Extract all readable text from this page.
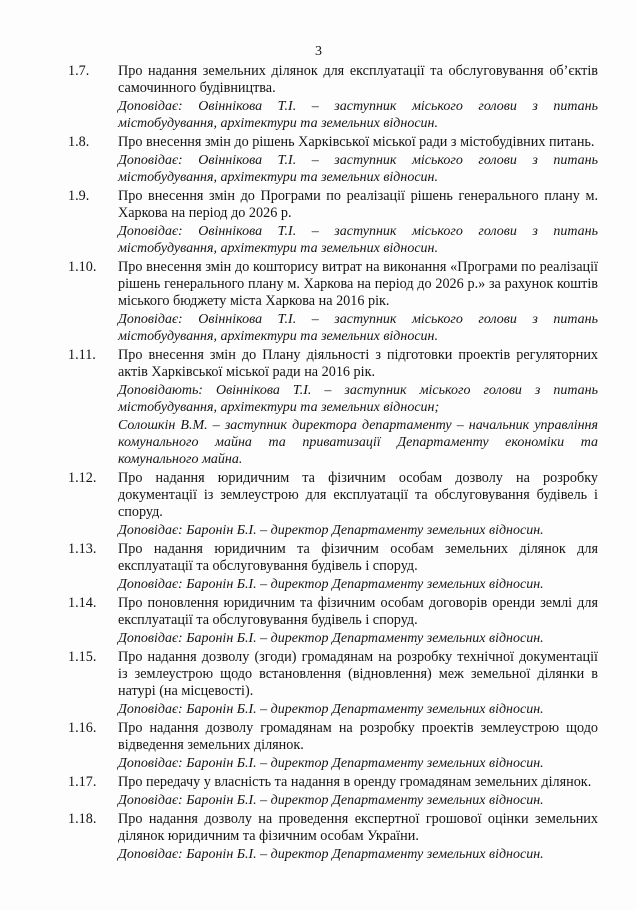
3
1.7.	Про надання земельних ділянок для експлуатації та обслуговування об’єктів самочинного будівництва.
Доповідає: Овіннікова Т.І. – заступник міського голови з питань містобудування, архітектури та земельних відносин.
1.8.	Про внесення змін до рішень Харківської міської ради з містобудівних питань.
Доповідає: Овіннікова Т.І. – заступник міського голови з питань містобудування, архітектури та земельних відносин.
1.9.	Про внесення змін до Програми по реалізації рішень генерального плану м. Харкова на період до 2026 р.
Доповідає: Овіннікова Т.І. – заступник міського голови з питань містобудування, архітектури та земельних відносин.
1.10.	Про внесення змін до кошторису витрат на виконання «Програми по реалізації рішень генерального плану м. Харкова на період до 2026 р.» за рахунок коштів міського бюджету міста Харкова на 2016 рік.
Доповідає: Овіннікова Т.І. – заступник міського голови з питань містобудування, архітектури та земельних відносин.
1.11.	Про внесення змін до Плану діяльності з підготовки проектів регуляторних актів Харківської міської ради на 2016 рік.
Доповідають: Овіннікова Т.І. – заступник міського голови з питань містобудування, архітектури та земельних відносин;
Солошкін В.М. – заступник директора департаменту – начальник управління комунального майна та приватизації Департаменту економіки та комунального майна.
1.12.	Про надання юридичним та фізичним особам дозволу на розробку документації із землеустрою для експлуатації та обслуговування будівель і споруд.
Доповідає: Баронін Б.І. – директор Департаменту земельних відносин.
1.13.	Про надання юридичним та фізичним особам земельних ділянок для експлуатації та обслуговування будівель і споруд.
Доповідає: Баронін Б.І. – директор Департаменту земельних відносин.
1.14.	Про поновлення юридичним та фізичним особам договорів оренди землі для експлуатації та обслуговування будівель і споруд.
Доповідає: Баронін Б.І. – директор Департаменту земельних відносин.
1.15.	Про надання дозволу (згоди) громадянам на розробку технічної документації із землеустрою щодо встановлення (відновлення) меж земельної ділянки в натурі (на місцевості).
Доповідає: Баронін Б.І. – директор Департаменту земельних відносин.
1.16.	Про надання дозволу громадянам на розробку проектів землеустрою щодо відведення земельних ділянок.
Доповідає: Баронін Б.І. – директор Департаменту земельних відносин.
1.17.	Про передачу у власність та надання в оренду громадянам земельних ділянок.
Доповідає: Баронін Б.І. – директор Департаменту земельних відносин.
1.18.	Про надання дозволу на проведення експертної грошової оцінки земельних ділянок юридичним та фізичним особам України.
Доповідає: Баронін Б.І. – директор Департаменту земельних відносин.
